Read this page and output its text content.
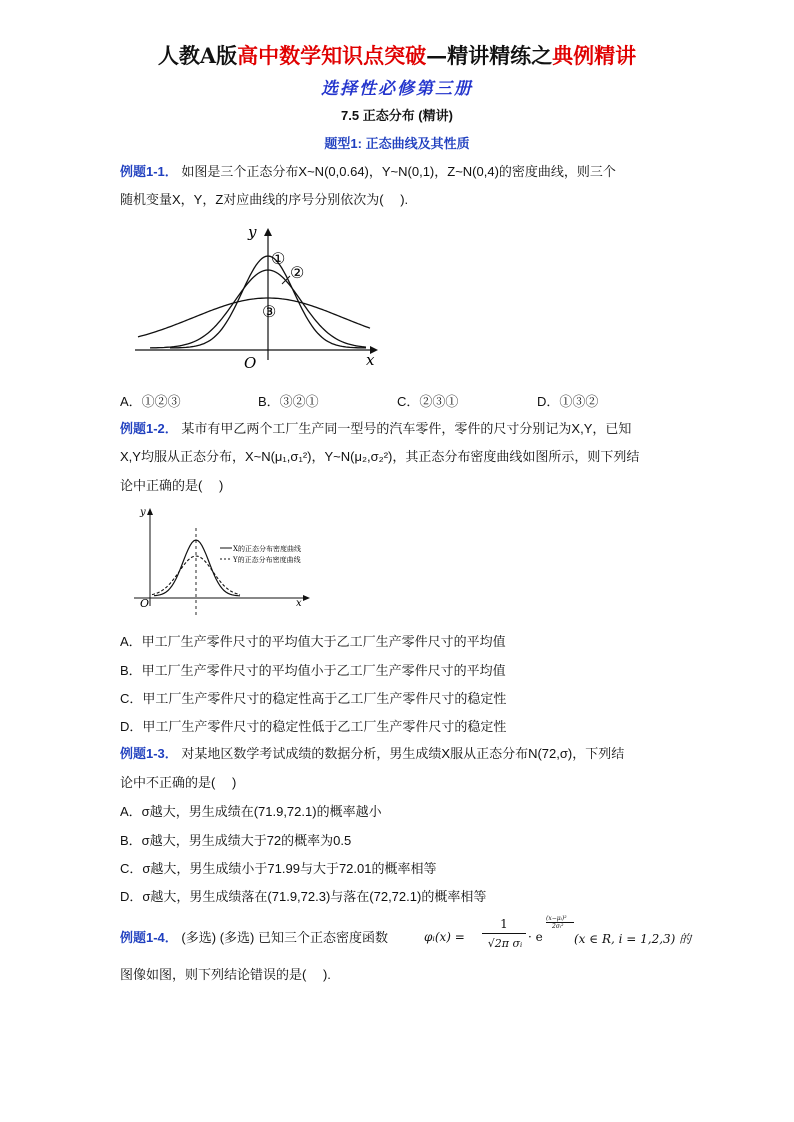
人教A版高中数学知识点突破—精讲精练之典例精讲
选择性必修第三册
7.5 正态分布 (精讲)
题型1: 正态曲线及其性质
例题1-1． 如图是三个正态分布X~N(0,0.64)，Y~N(0,1)，Z~N(0,4)的密度曲线，则三个
随机变量X，Y，Z对应曲线的序号分别依次为(　 ).
y
x
O
①
②
③
A．①②③	B．③②①	C．②③①	D．①③②
例题1-2． 某市有甲乙两个工厂生产同一型号的汽车零件，零件的尺寸分别记为X,Y，已知
X,Y均服从正态分布，X~N(μ₁,σ₁²)，Y~N(μ₂,σ₂²)，其正态分布密度曲线如图所示，则下列结
论中正确的是(　 )
y
x
O
X的正态分布密度曲线
Y的正态分布密度曲线
A．甲工厂生产零件尺寸的平均值大于乙工厂生产零件尺寸的平均值
B．甲工厂生产零件尺寸的平均值小于乙工厂生产零件尺寸的平均值
C．甲工厂生产零件尺寸的稳定性高于乙工厂生产零件尺寸的稳定性
D．甲工厂生产零件尺寸的稳定性低于乙工厂生产零件尺寸的稳定性
例题1-3． 对某地区数学考试成绩的数据分析，男生成绩X服从正态分布N(72,σ)，下列结
论中不正确的是(　 )
A．σ越大，男生成绩在(71.9,72.1)的概率越小
B．σ越大，男生成绩大于72的概率为0.5
C．σ越大，男生成绩小于71.99与大于72.01的概率相等
D．σ越大，男生成绩落在(71.9,72.3)与落在(72,72.1)的概率相等
例题1-4． (多选) (多选) 已知三个正态密度函数	φᵢ(x) =
1
√2π σᵢ · e
(x−μᵢ)²
2σᵢ²
(x ∈ R, i = 1,2,3) 的
图像如图，则下列结论错误的是(　 ).
